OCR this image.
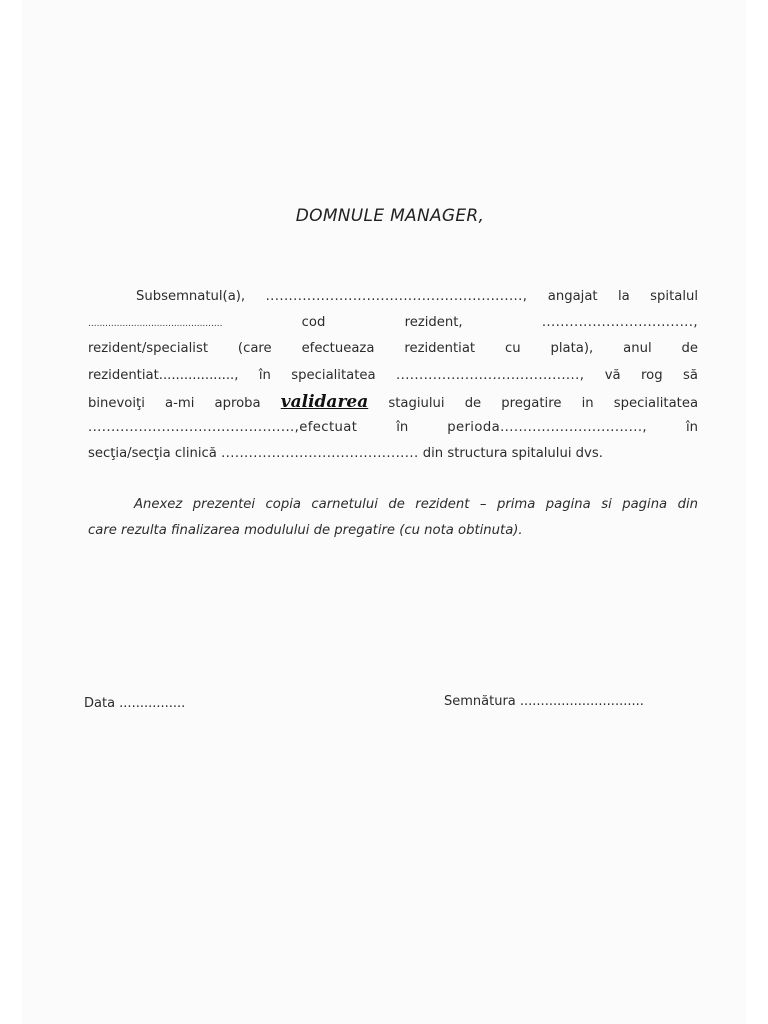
DOMNULE MANAGER,
Subsemnatul(a), ........................................................, angajat la spitalul
...............................................	cod	rezident,	.................................,
rezident/specialist (care efectueaza rezidentiat cu plata), anul de
rezidentiat.................., în specialitatea ........................................, vă rog să
binevoiţi a-mi aproba validarea stagiului de pregatire in specialitatea
.............................................,efectuat	în	perioda...............................,	în
secţia/secţia clinică ........................................... din structura spitalului dvs.
Anexez prezentei copia carnetului de rezident – prima pagina si pagina din
care rezulta finalizarea modulului de pregatire (cu nota obtinuta).
Data ................	Semnătura ..............................
